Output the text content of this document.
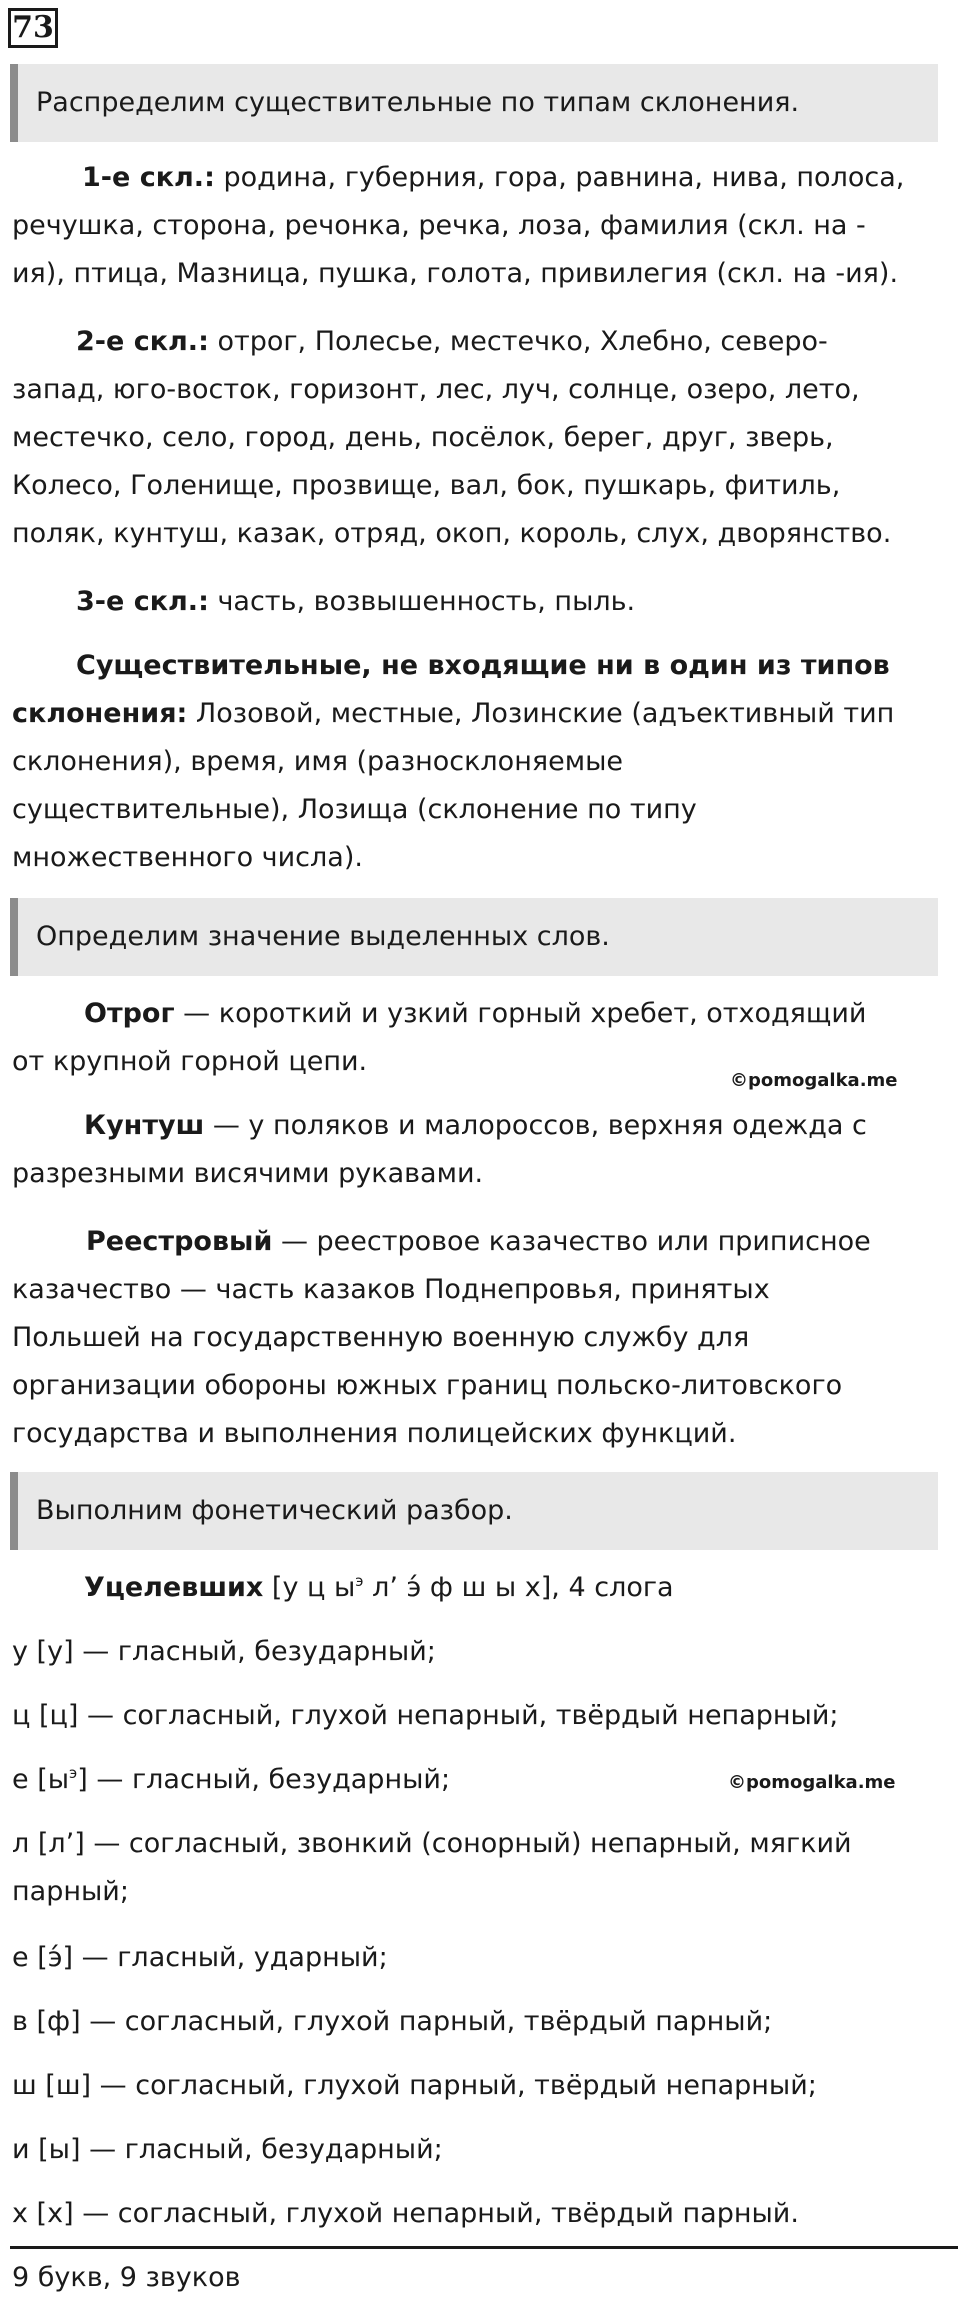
73
Распределим существительные по типам склонения.
1-е скл.: родина, губерния, гора, равнина, нива, полоса,
речушка, сторона, речонка, речка, лоза, фамилия (скл. на -
ия), птица, Мазница, пушка, голота, привилегия (скл. на -ия).
2-е скл.: отрог, Полесье, местечко, Хлебно, северо-
запад, юго-восток, горизонт, лес, луч, солнце, озеро, лето,
местечко, село, город, день, посёлок, берег, друг, зверь,
Колесо, Голенище, прозвище, вал, бок, пушкарь, фитиль,
поляк, кунтуш, казак, отряд, окоп, король, слух, дворянство.
3-е скл.: часть, возвышенность, пыль.
Существительные, не входящие ни в один из типов
склонения: Лозовой, местные, Лозинские (адъективный тип
склонения), время, имя (разносклоняемые
существительные), Лозища (склонение по типу
множественного числа).
Определим значение выделенных слов.
Отрог — короткий и узкий горный хребет, отходящий
от крупной горной цепи.
©pomogalka.me
Кунтуш — у поляков и малороссов, верхняя одежда с
разрезными висячими рукавами.
Реестровый — реестровое казачество или приписное
казачество — часть казаков Поднепровья, принятых
Польшей на государственную военную службу для
организации обороны южных границ польско-литовского
государства и выполнения полицейских функций.
Выполним фонетический разбор.
Уцелевших [у ц $ы^э$ л’ э́ ф ш ы х], 4 слога
у [у] — гласный, безударный;
ц [ц] — согласный, глухой непарный, твёрдый непарный;
е $[ы^э]$ — гласный, безударный;	©pomogalka.me
л [л’] — согласный, звонкий (сонорный) непарный, мягкий
парный;
е [э́] — гласный, ударный;
в [ф] — согласный, глухой парный, твёрдый парный;
ш [ш] — согласный, глухой парный, твёрдый непарный;
и [ы] — гласный, безударный;
х [х] — согласный, глухой непарный, твёрдый парный.
9 букв, 9 звуков
